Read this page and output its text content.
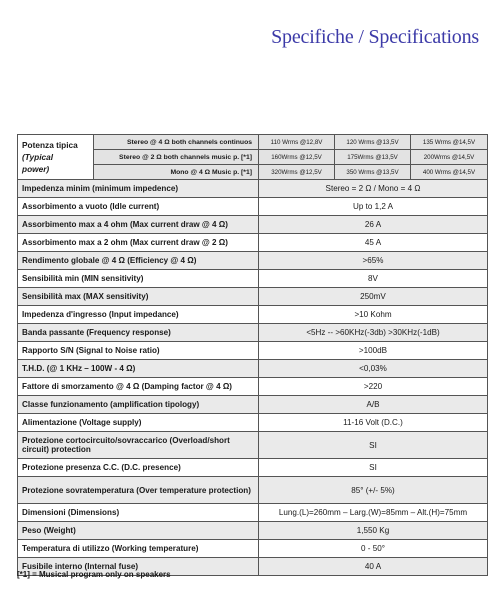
Specifiche / Specifications
Potenza tipica
(Typical
power)	Stereo @ 4 Ω both channels continuos	110 Wrms @12,8V	120 Wrms @13,5V	135 Wrms @14,5V
	Stereo @ 2 Ω both channels music p. [*1]	160Wrms @12,5V	175Wrms @13,5V	200Wrms @14,5V
	Mono @ 4 Ω Music p. [*1]	320Wrms @12,5V	350 Wrms @13,5V	400 Wrms @14,5V
Impedenza minim (minimum impedence)		Stereo = 2 Ω / Mono = 4 Ω		
Assorbimento a vuoto (Idle current)		Up to 1,2 A		
Assorbimento max a 4 ohm (Max current draw @ 4 Ω)		26 A		
Assorbimento max a 2 ohm (Max current draw @ 2 Ω)		45 A		
Rendimento globale @ 4 Ω (Efficiency @ 4 Ω)		>65%		
Sensibilità min (MIN sensitivity)		8V		
Sensibilità max (MAX sensitivity)		250mV		
Impedenza d'ingresso (Input impedance)		>10 Kohm		
Banda passante (Frequency response)		<5Hz -- >60KHz(-3db) >30KHz(-1dB)		
Rapporto S/N (Signal to Noise ratio)		>100dB		
T.H.D. (@ 1 KHz – 100W - 4 Ω)		<0,03%		
Fattore di smorzamento @ 4 Ω (Damping factor @ 4 Ω)		>220		
Classe funzionamento (amplification tipology)		A/B		
Alimentazione (Voltage supply)		11-16 Volt (D.C.)		
Protezione cortocircuito/sovraccarico (Overload/short circuit) protection		SI		
Protezione presenza C.C. (D.C. presence)		SI		
Protezione sovratemperatura (Over temperature protection)		85° (+/- 5%)		
Dimensioni (Dimensions)		Lung.(L)=260mm – Larg.(W)=85mm – Alt.(H)=75mm		
Peso (Weight)		1,550 Kg		
Temperatura di utilizzo (Working temperature)		0 - 50°		
Fusibile interno (Internal fuse)		40 A		
[*1] = Musical program only on speakers
